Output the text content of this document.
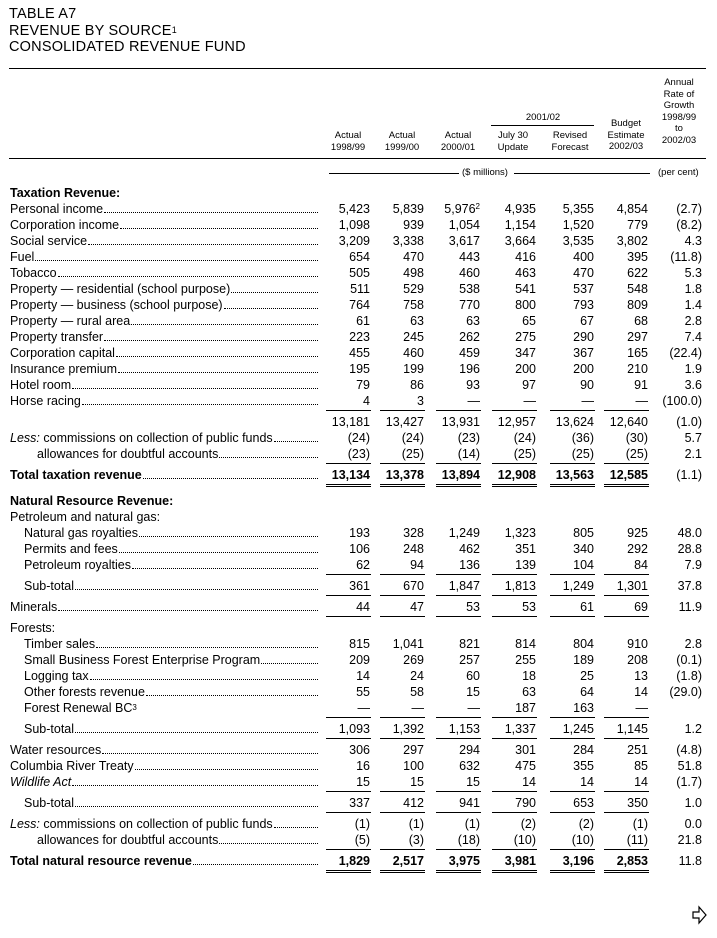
TABLE A7
REVENUE BY SOURCE$^1$
CONSOLIDATED REVENUE FUND
Actual
1998/99
Actual
1999/00
Actual
2000/01
2001/02
July 30
Update
Revised
Forecast
Budget
Estimate
2002/03
Annual
Rate of
Growth
1998/99
to
2002/03
($ millions)	(per cent)
Taxation Revenue:
Personal income	5,423	5,839	5,976$^2$	4,935	5,355	4,854	(2.7)
Corporation income	1,098	939	1,054	1,154	1,520	779	(8.2)
Social service	3,209	3,338	3,617	3,664	3,535	3,802	4.3
Fuel	654	470	443	416	400	395	(11.8)
Tobacco	505	498	460	463	470	622	5.3
Property — residential (school purpose)	511	529	538	541	537	548	1.8
Property — business (school purpose)	764	758	770	800	793	809	1.4
Property — rural area	61	63	63	65	67	68	2.8
Property transfer	223	245	262	275	290	297	7.4
Corporation capital	455	460	459	347	367	165	(22.4)
Insurance premium	195	199	196	200	200	210	1.9
Hotel room	79	86	93	97	90	91	3.6
Horse racing	4	3	—	—	—	—	(100.0)
13,181	13,427	13,931	12,957	13,624	12,640	(1.0)
Less: commissions on collection of public funds	(24)	(24)	(23)	(24)	(36)	(30)	5.7
allowances for doubtful accounts	(23)	(25)	(14)	(25)	(25)	(25)	2.1
Total taxation revenue	13,134	13,378	13,894	12,908	13,563	12,585	(1.1)
Natural Resource Revenue:
Petroleum and natural gas:
Natural gas royalties	193	328	1,249	1,323	805	925	48.0
Permits and fees	106	248	462	351	340	292	28.8
Petroleum royalties	62	94	136	139	104	84	7.9
Sub-total	361	670	1,847	1,813	1,249	1,301	37.8
Minerals	44	47	53	53	61	69	11.9
Forests:
Timber sales	815	1,041	821	814	804	910	2.8
Small Business Forest Enterprise Program	209	269	257	255	189	208	(0.1)
Logging tax	14	24	60	18	25	13	(1.8)
Other forests revenue	55	58	15	63	64	14	(29.0)
Forest Renewal $BC^3$	—	—	—	187	163	—
Sub-total	1,093	1,392	1,153	1,337	1,245	1,145	1.2
Water resources	306	297	294	301	284	251	(4.8)
Columbia River Treaty	16	100	632	475	355	85	51.8
Wildlife Act	15	15	15	14	14	14	(1.7)
Sub-total	337	412	941	790	653	350	1.0
Less: commissions on collection of public funds	(1)	(1)	(1)	(2)	(2)	(1)	0.0
allowances for doubtful accounts	(5)	(3)	(18)	(10)	(10)	(11)	21.8
Total natural resource revenue	1,829	2,517	3,975	3,981	3,196	2,853	11.8
